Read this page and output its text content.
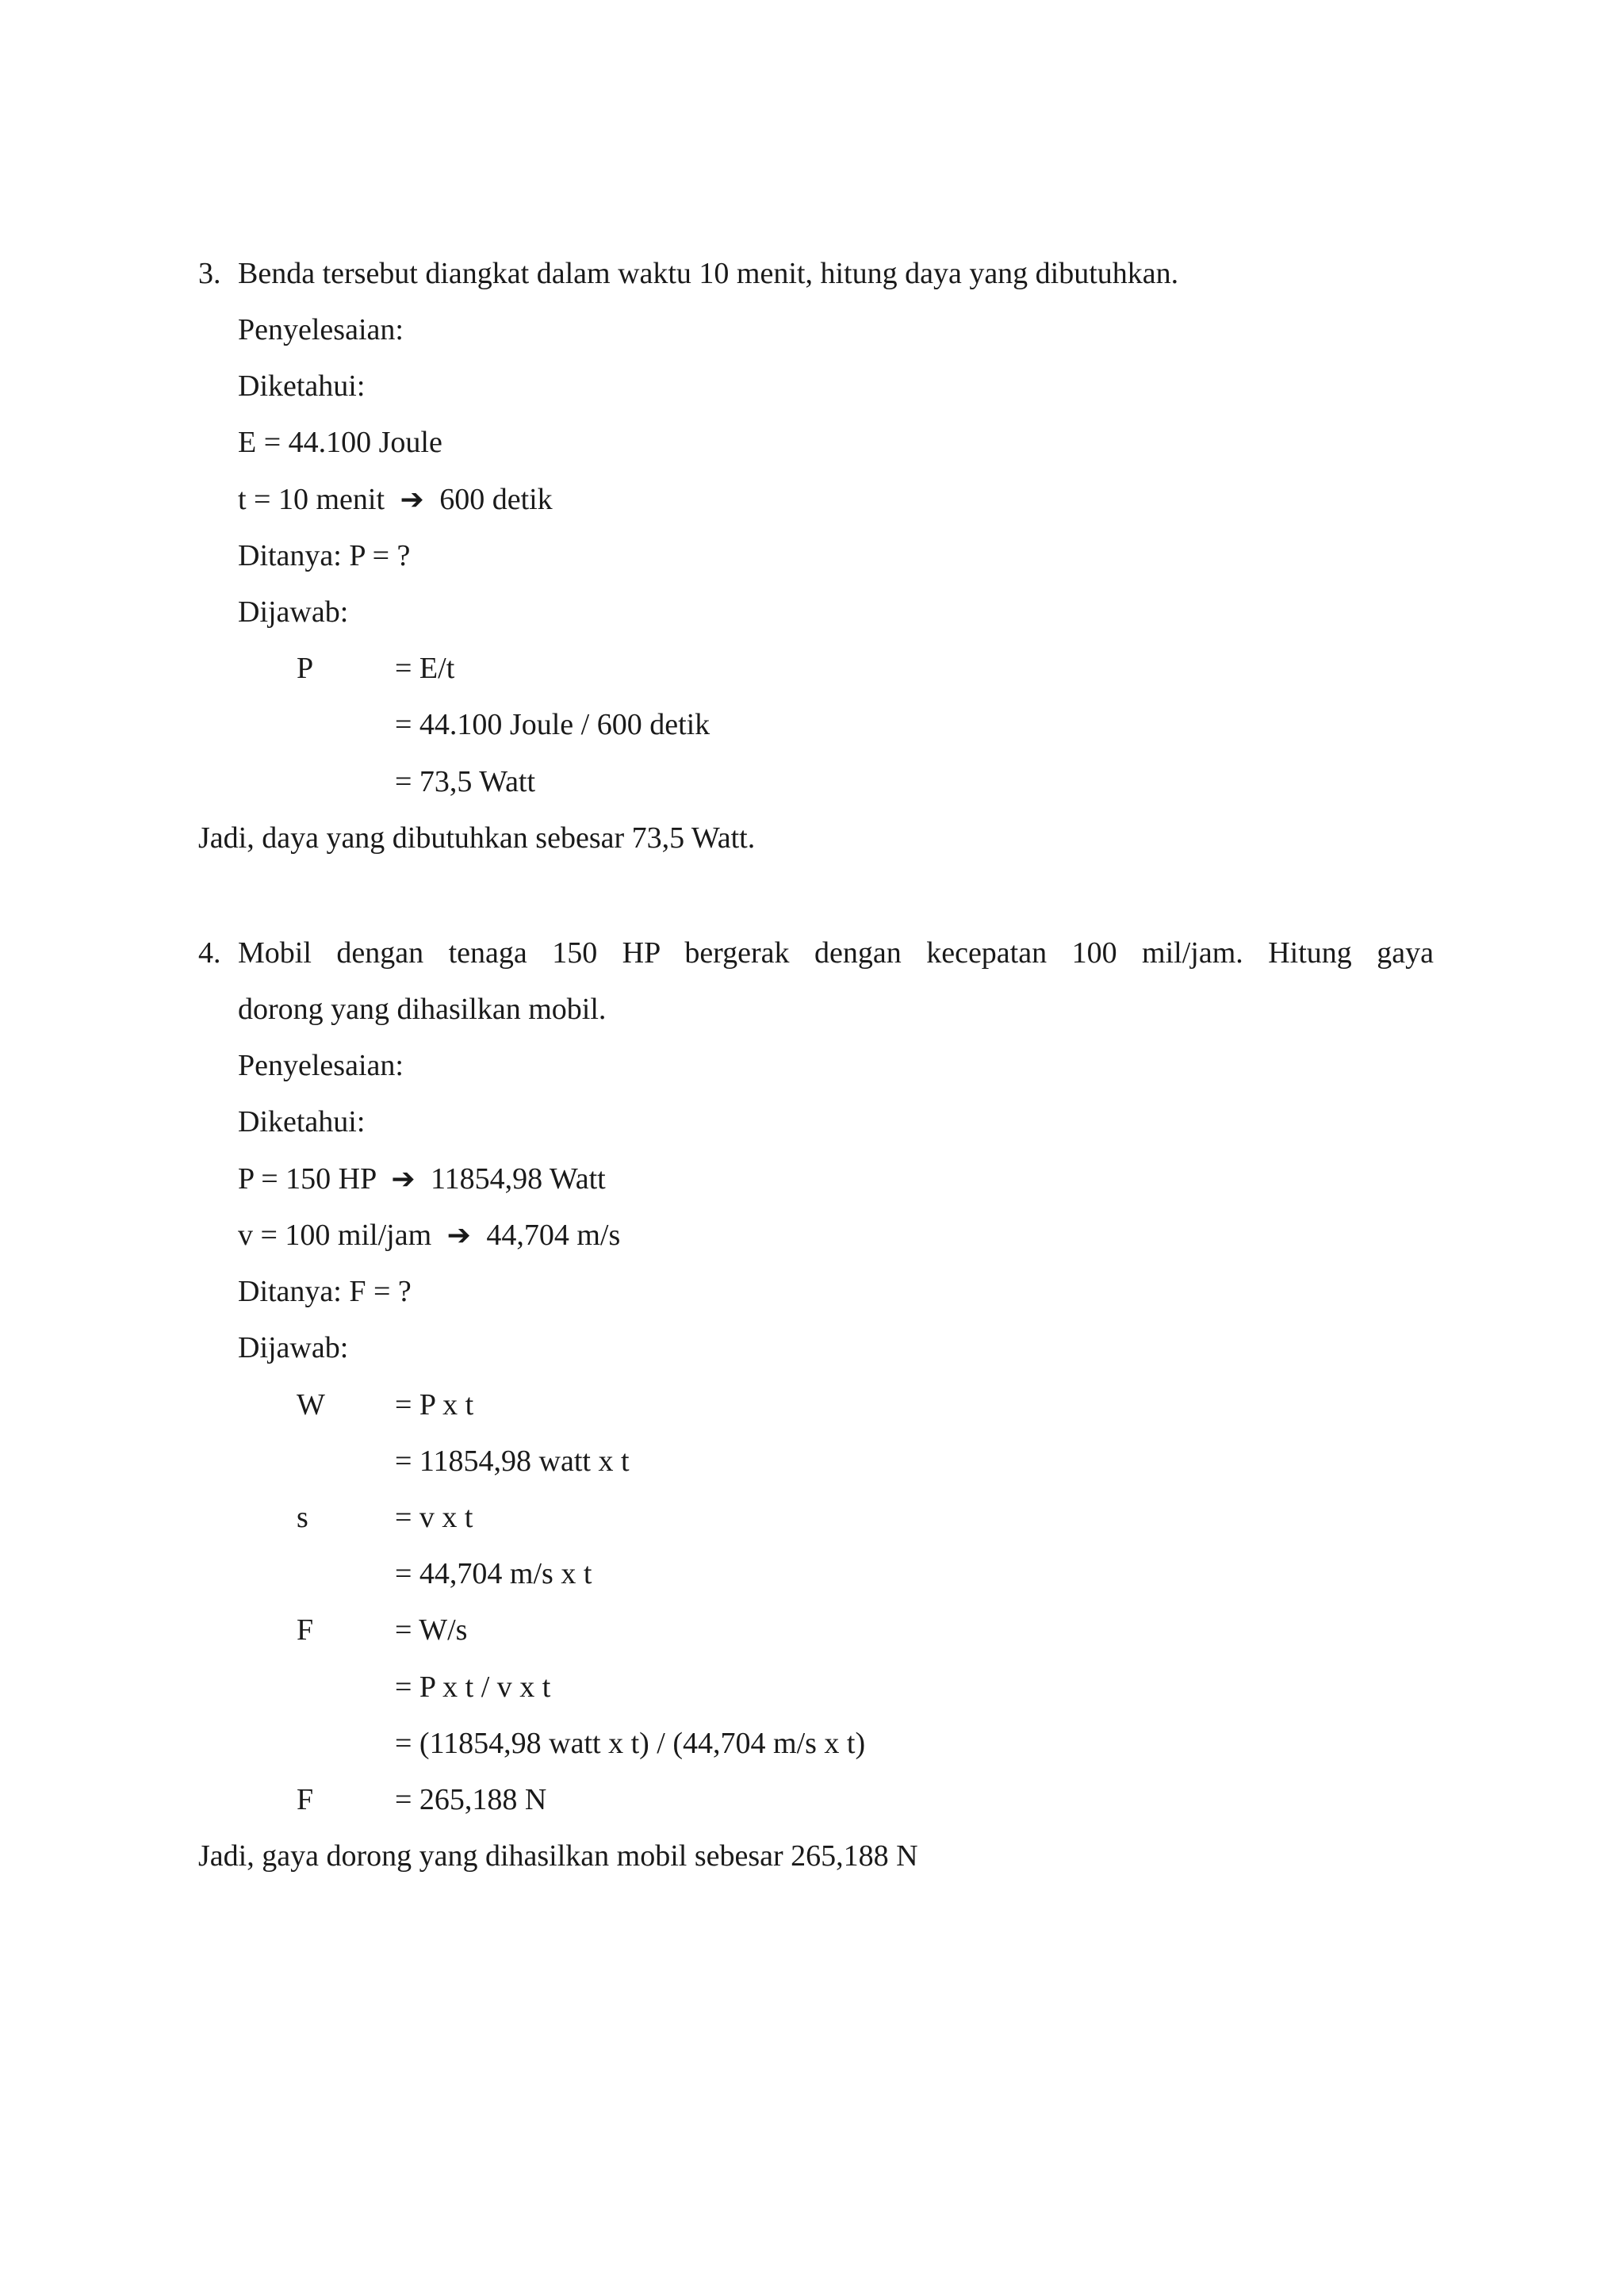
3. Benda tersebut diangkat dalam waktu 10 menit, hitung daya yang dibutuhkan.
Penyelesaian:
Diketahui:
E = 44.100 Joule
t = 10 menit ➔ 600 detik
Ditanya: P = ?
Dijawab:
P	= E/t
= 44.100 Joule / 600 detik
= 73,5 Watt
Jadi, daya yang dibutuhkan sebesar 73,5 Watt.
4. Mobil dengan tenaga 150 HP bergerak dengan kecepatan 100 mil/jam. Hitung gaya
dorong yang dihasilkan mobil.
Penyelesaian:
Diketahui:
P = 150 HP ➔ 11854,98 Watt
v = 100 mil/jam ➔ 44,704 m/s
Ditanya: F = ?
Dijawab:
W = P x t
= 11854,98 watt x t
s	= v x t
= 44,704 m/s x t
F	= W/s
= P x t / v x t
= (11854,98 watt x t) / (44,704 m/s x t)
F	= 265,188 N
Jadi, gaya dorong yang dihasilkan mobil sebesar 265,188 N
